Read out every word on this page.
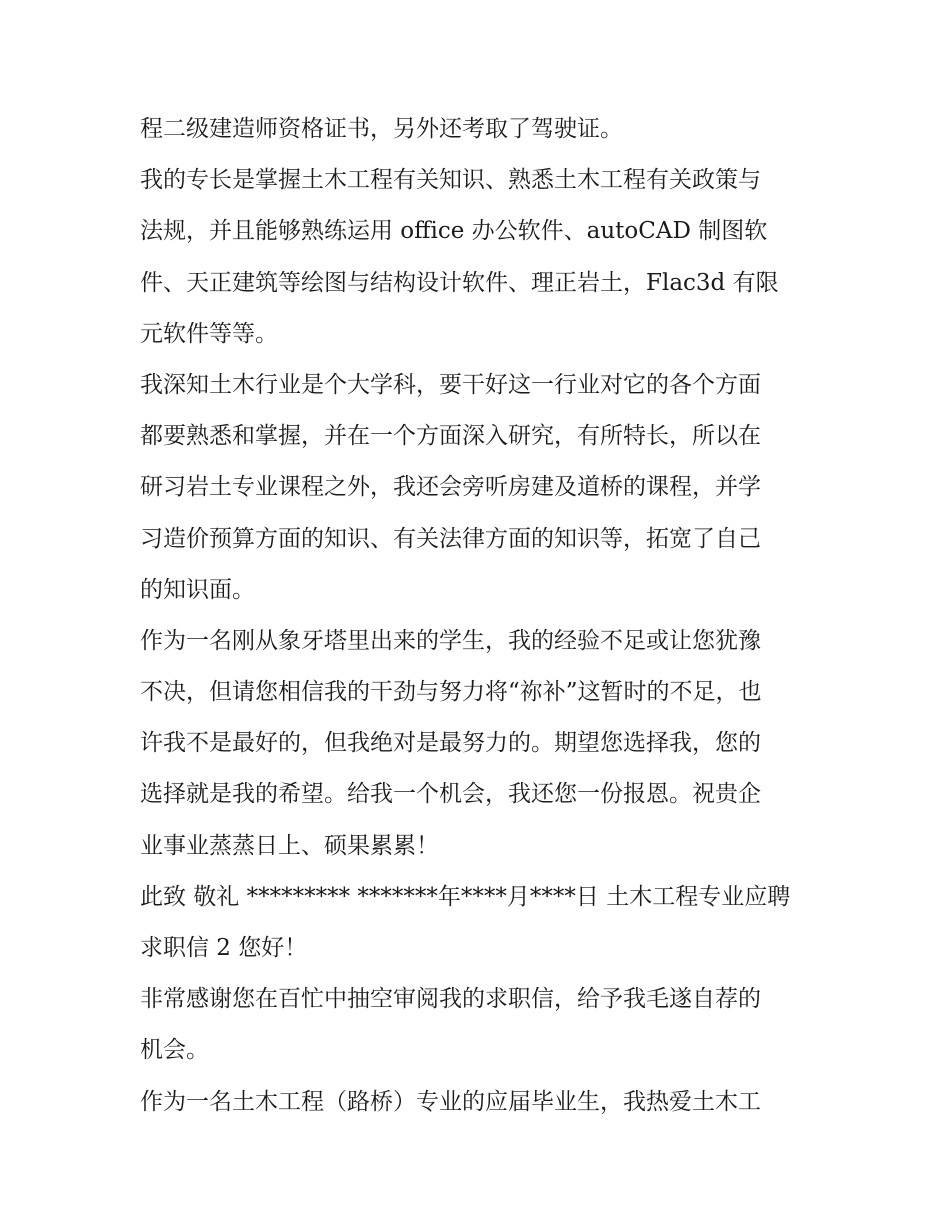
程二级建造师资格证书，另外还考取了驾驶证。
我的专长是掌握土木工程有关知识、熟悉土木工程有关政策与
法规，并且能够熟练运用 office 办公软件、autoCAD 制图软
件、天正建筑等绘图与结构设计软件、理正岩土，Flac3d 有限
元软件等等。
我深知土木行业是个大学科，要干好这一行业对它的各个方面
都要熟悉和掌握，并在一个方面深入研究，有所特长，所以在
研习岩土专业课程之外，我还会旁听房建及道桥的课程，并学
习造价预算方面的知识、有关法律方面的知识等，拓宽了自己
的知识面。
作为一名刚从象牙塔里出来的学生，我的经验不足或让您犹豫
不决，但请您相信我的干劲与努力将“祢补”这暂时的不足，也
许我不是最好的，但我绝对是最努力的。期望您选择我，您的
选择就是我的希望。给我一个机会，我还您一份报恩。祝贵企
业事业蒸蒸日上、硕果累累！
此致 敬礼 ********* *******年****月****日 土木工程专业应聘
求职信 2 您好！
非常感谢您在百忙中抽空审阅我的求职信，给予我毛遂自荐的
机会。
作为一名土木工程（路桥）专业的应届毕业生，我热爱土木工
